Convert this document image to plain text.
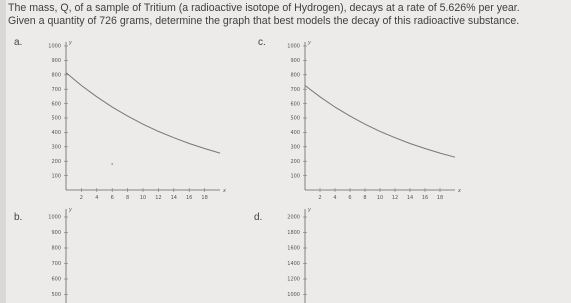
The mass, Q, of a sample of Tritium (a radioactive isotope of Hydrogen), decays at a rate of 5.626% per year.
Given a quantity of 726 grams, determine the graph that best models the decay of this radioactive substance.
a.	c.
b.	d.
y
x
100
200
300
400
500
600
700
800
900
1000
2 4 6 8 10 12 14 16 18
y
x
100
200
300
400
500
600
700
800
900
1000
2 4 6 8 10 12 14 16 18
y
1000
900
800
700
600
500
y
2000
1800
1600
1400
1200
1000
